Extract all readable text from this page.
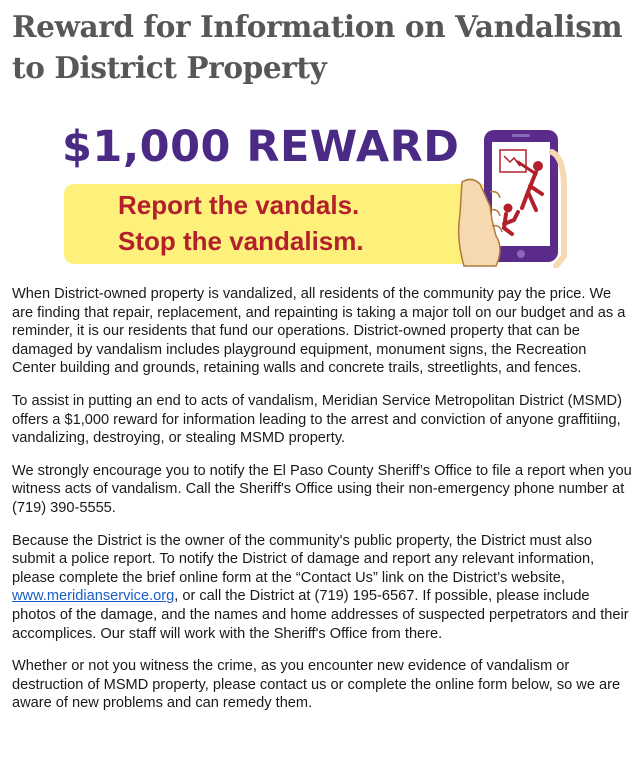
Reward for Information on Vandalism to District Property
$1,000 REWARD
Report the vandals.
Stop the vandalism.

When District-owned property is vandalized, all residents of the community pay the price. We are finding that repair, replacement, and repainting is taking a major toll on our budget and as a reminder, it is our residents that fund our operations. District-owned property that can be damaged by vandalism includes playground equipment, monument signs, the Recreation Center building and grounds, retaining walls and concrete trails, streetlights, and fences.

To assist in putting an end to acts of vandalism, Meridian Service Metropolitan District (MSMD) offers a $1,000 reward for information leading to the arrest and conviction of anyone graffitiing, vandalizing, destroying, or stealing MSMD property.

We strongly encourage you to notify the El Paso County Sheriff’s Office to file a report when you witness acts of vandalism. Call the Sheriff's Office using their non-emergency phone number at (719) 390-5555.

Because the District is the owner of the community's public property, the District must also submit a police report. To notify the District of damage and report any relevant information, please complete the brief online form at the “Contact Us” link on the District’s website, www.meridianservice.org, or call the District at (719) 195-6567. If possible, please include photos of the damage, and the names and home addresses of suspected perpetrators and their accomplices. Our staff will work with the Sheriff's Office from there.

Whether or not you witness the crime, as you encounter new evidence of vandalism or destruction of MSMD property, please contact us or complete the online form below, so we are aware of new problems and can remedy them.
